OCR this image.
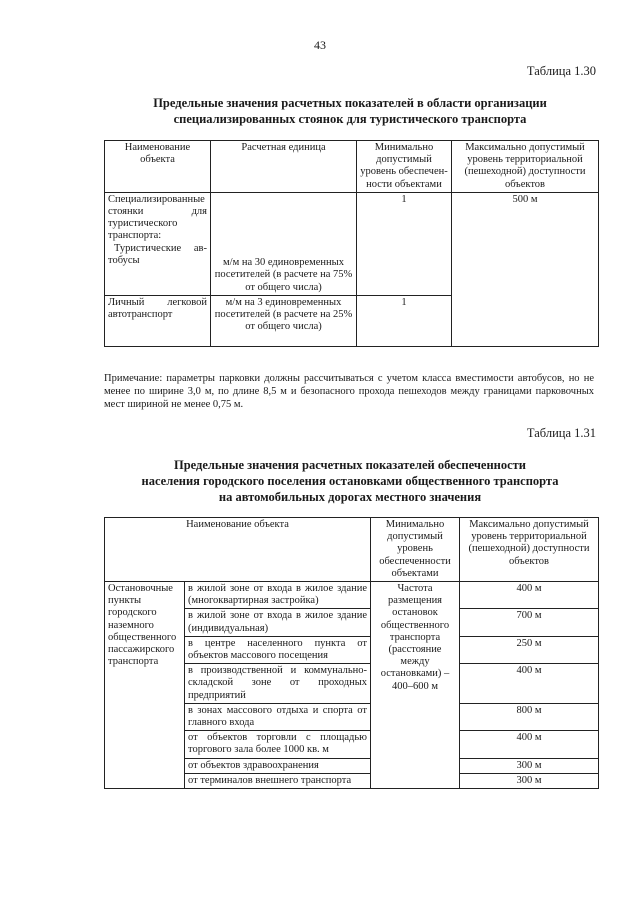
43
Таблица 1.30
Предельные значения расчетных показателей в области организации
специализированных стоянок для туристического транспорта
Наименование объекта	Расчетная единица	Минимально допустимый уровень обеспеченности объектами	Максимально допустимый уровень территориальной (пешеходной) доступности объектов

Специализированные стоянки для туристического транспорта:
Туристические автобусы	м/м на 30 единовременных посетителей (в расчете на 75% от общего числа)	1	500 м
Личный легковой автотранспорт	м/м на 3 единовременных посетителей (в расчете на 25% от общего числа)	1	
Примечание: параметры парковки должны рассчитываться с учетом класса вместимости автобусов, но не менее по ширине 3,0 м, по длине 8,5 м и безопасного прохода пешеходов между границами парковочных мест шириной не менее 0,75 м.
Таблица 1.31
Предельные значения расчетных показателей обеспеченности
населения городского поселения остановками общественного транспорта
на автомобильных дорогах местного значения
Наименование объекта		Минимально допустимый уровень обеспеченности объектами	Максимально допустимый уровень территориальной (пешеходной) доступности объектов
Остановочные пункты городского наземного общественного пассажирского транспорта	в жилой зоне от входа в жилое здание (многоквартирная застройка)	Частота размещения остановок общественного транспорта (расстояние между остановками) – 400–600 м	400 м
	в жилой зоне от входа в жилое здание (индивидуальная)		700 м
	в центре населенного пункта от объектов массового посещения		250 м
	в производственной и коммунально-складской зоне от проходных предприятий		400 м
	в зонах массового отдыха и спорта от главного входа		800 м
	от объектов торговли с площадью торгового зала более 1000 кв. м		400 м
	от объектов здравоохранения		300 м
	от терминалов внешнего транспорта		300 м
